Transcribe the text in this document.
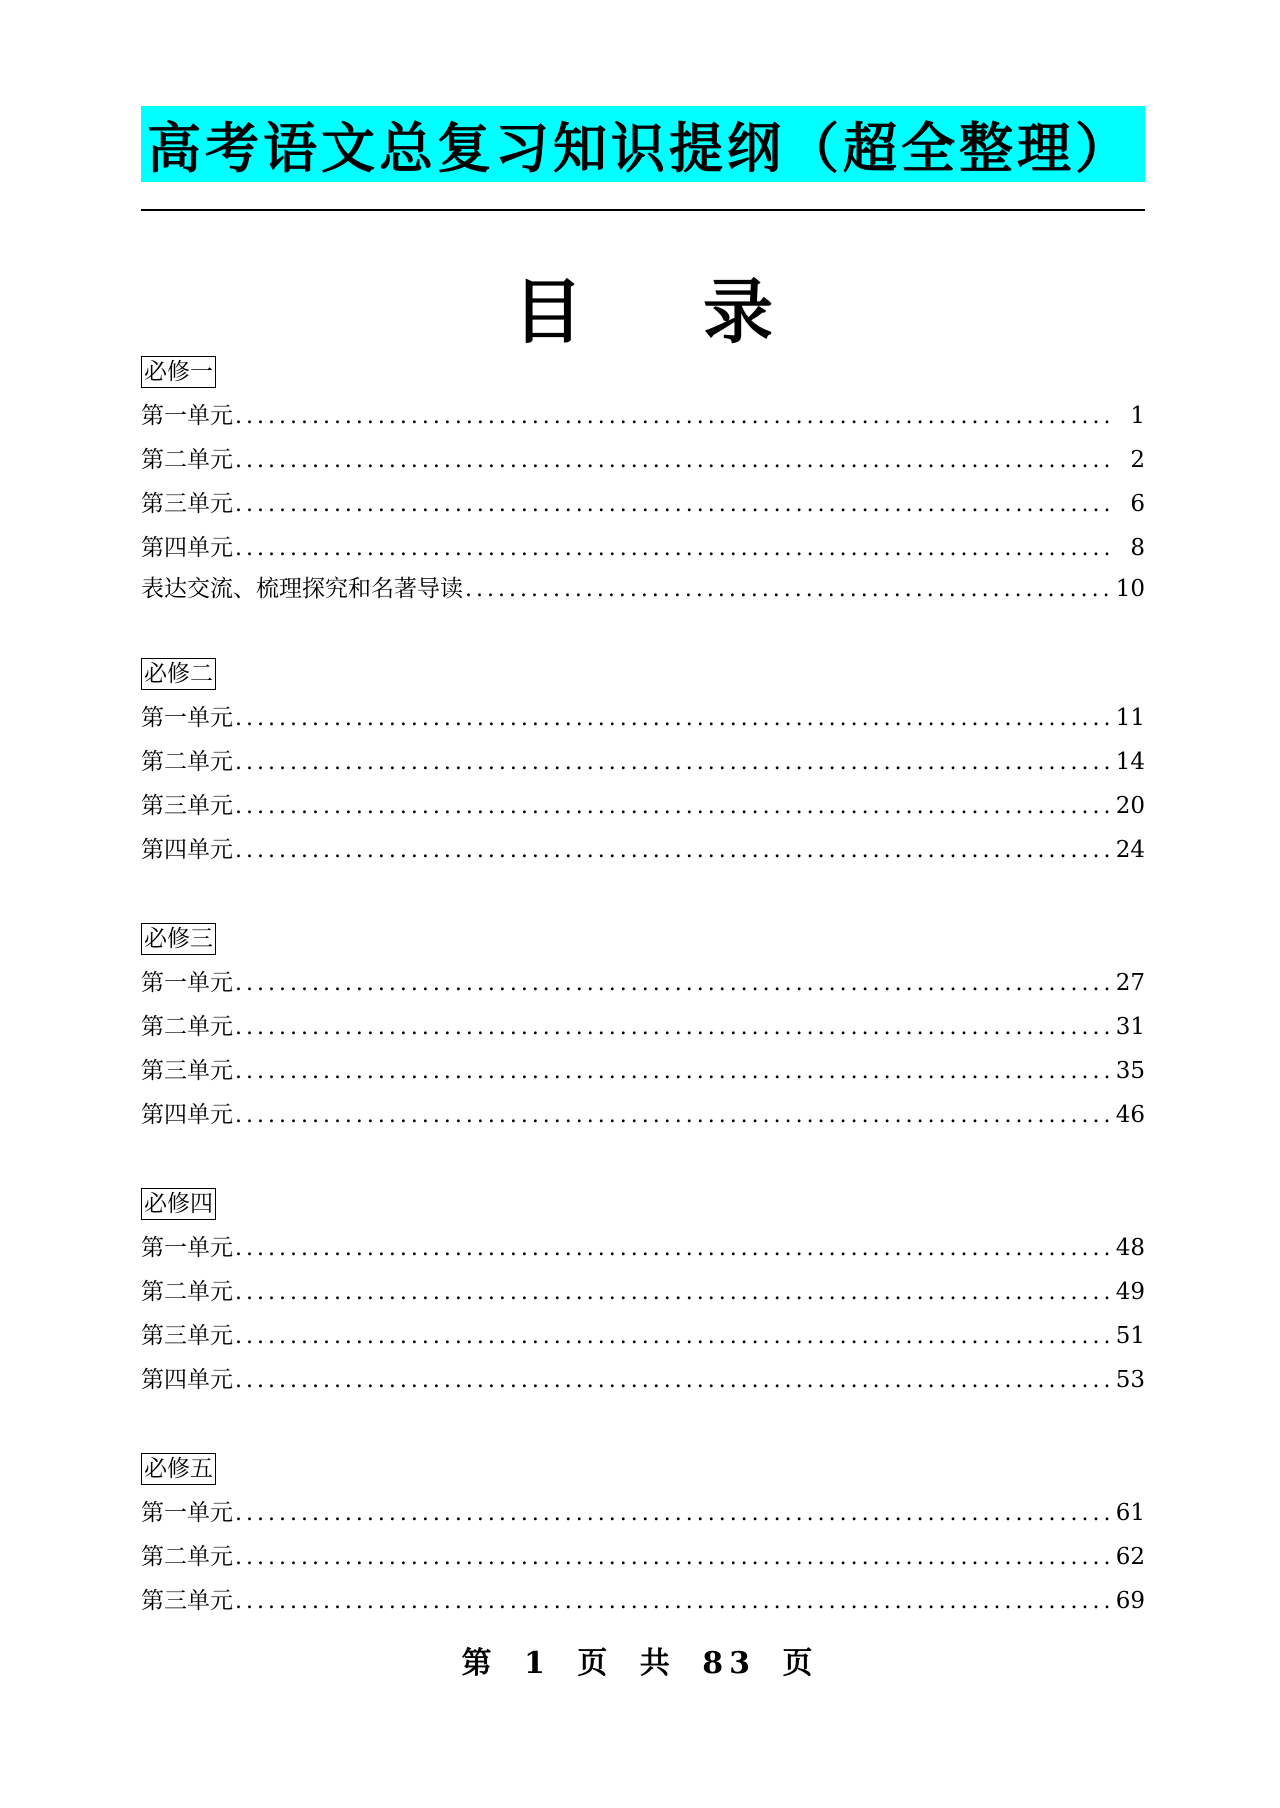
高考语文总复习知识提纲（超全整理）
目 录
必修一
第一单元 .....	1
第二单元 .....	2
第三单元 .....	6
第四单元 .....	8
表达交流、梳理探究和名著导读 .....	10
必修二
第一单元 .....	11
第二单元 .....	14
第三单元 .....	20
第四单元 .....	24
必修三
第一单元 .....	27
第二单元 .....	31
第三单元 .....	35
第四单元 .....	46
必修四
第一单元 .....	48
第二单元 .....	49
第三单元 .....	51
第四单元 .....	53
必修五
第一单元 .....	61
第二单元 .....	62
第三单元 .....	69
第 1 页 共 83 页
